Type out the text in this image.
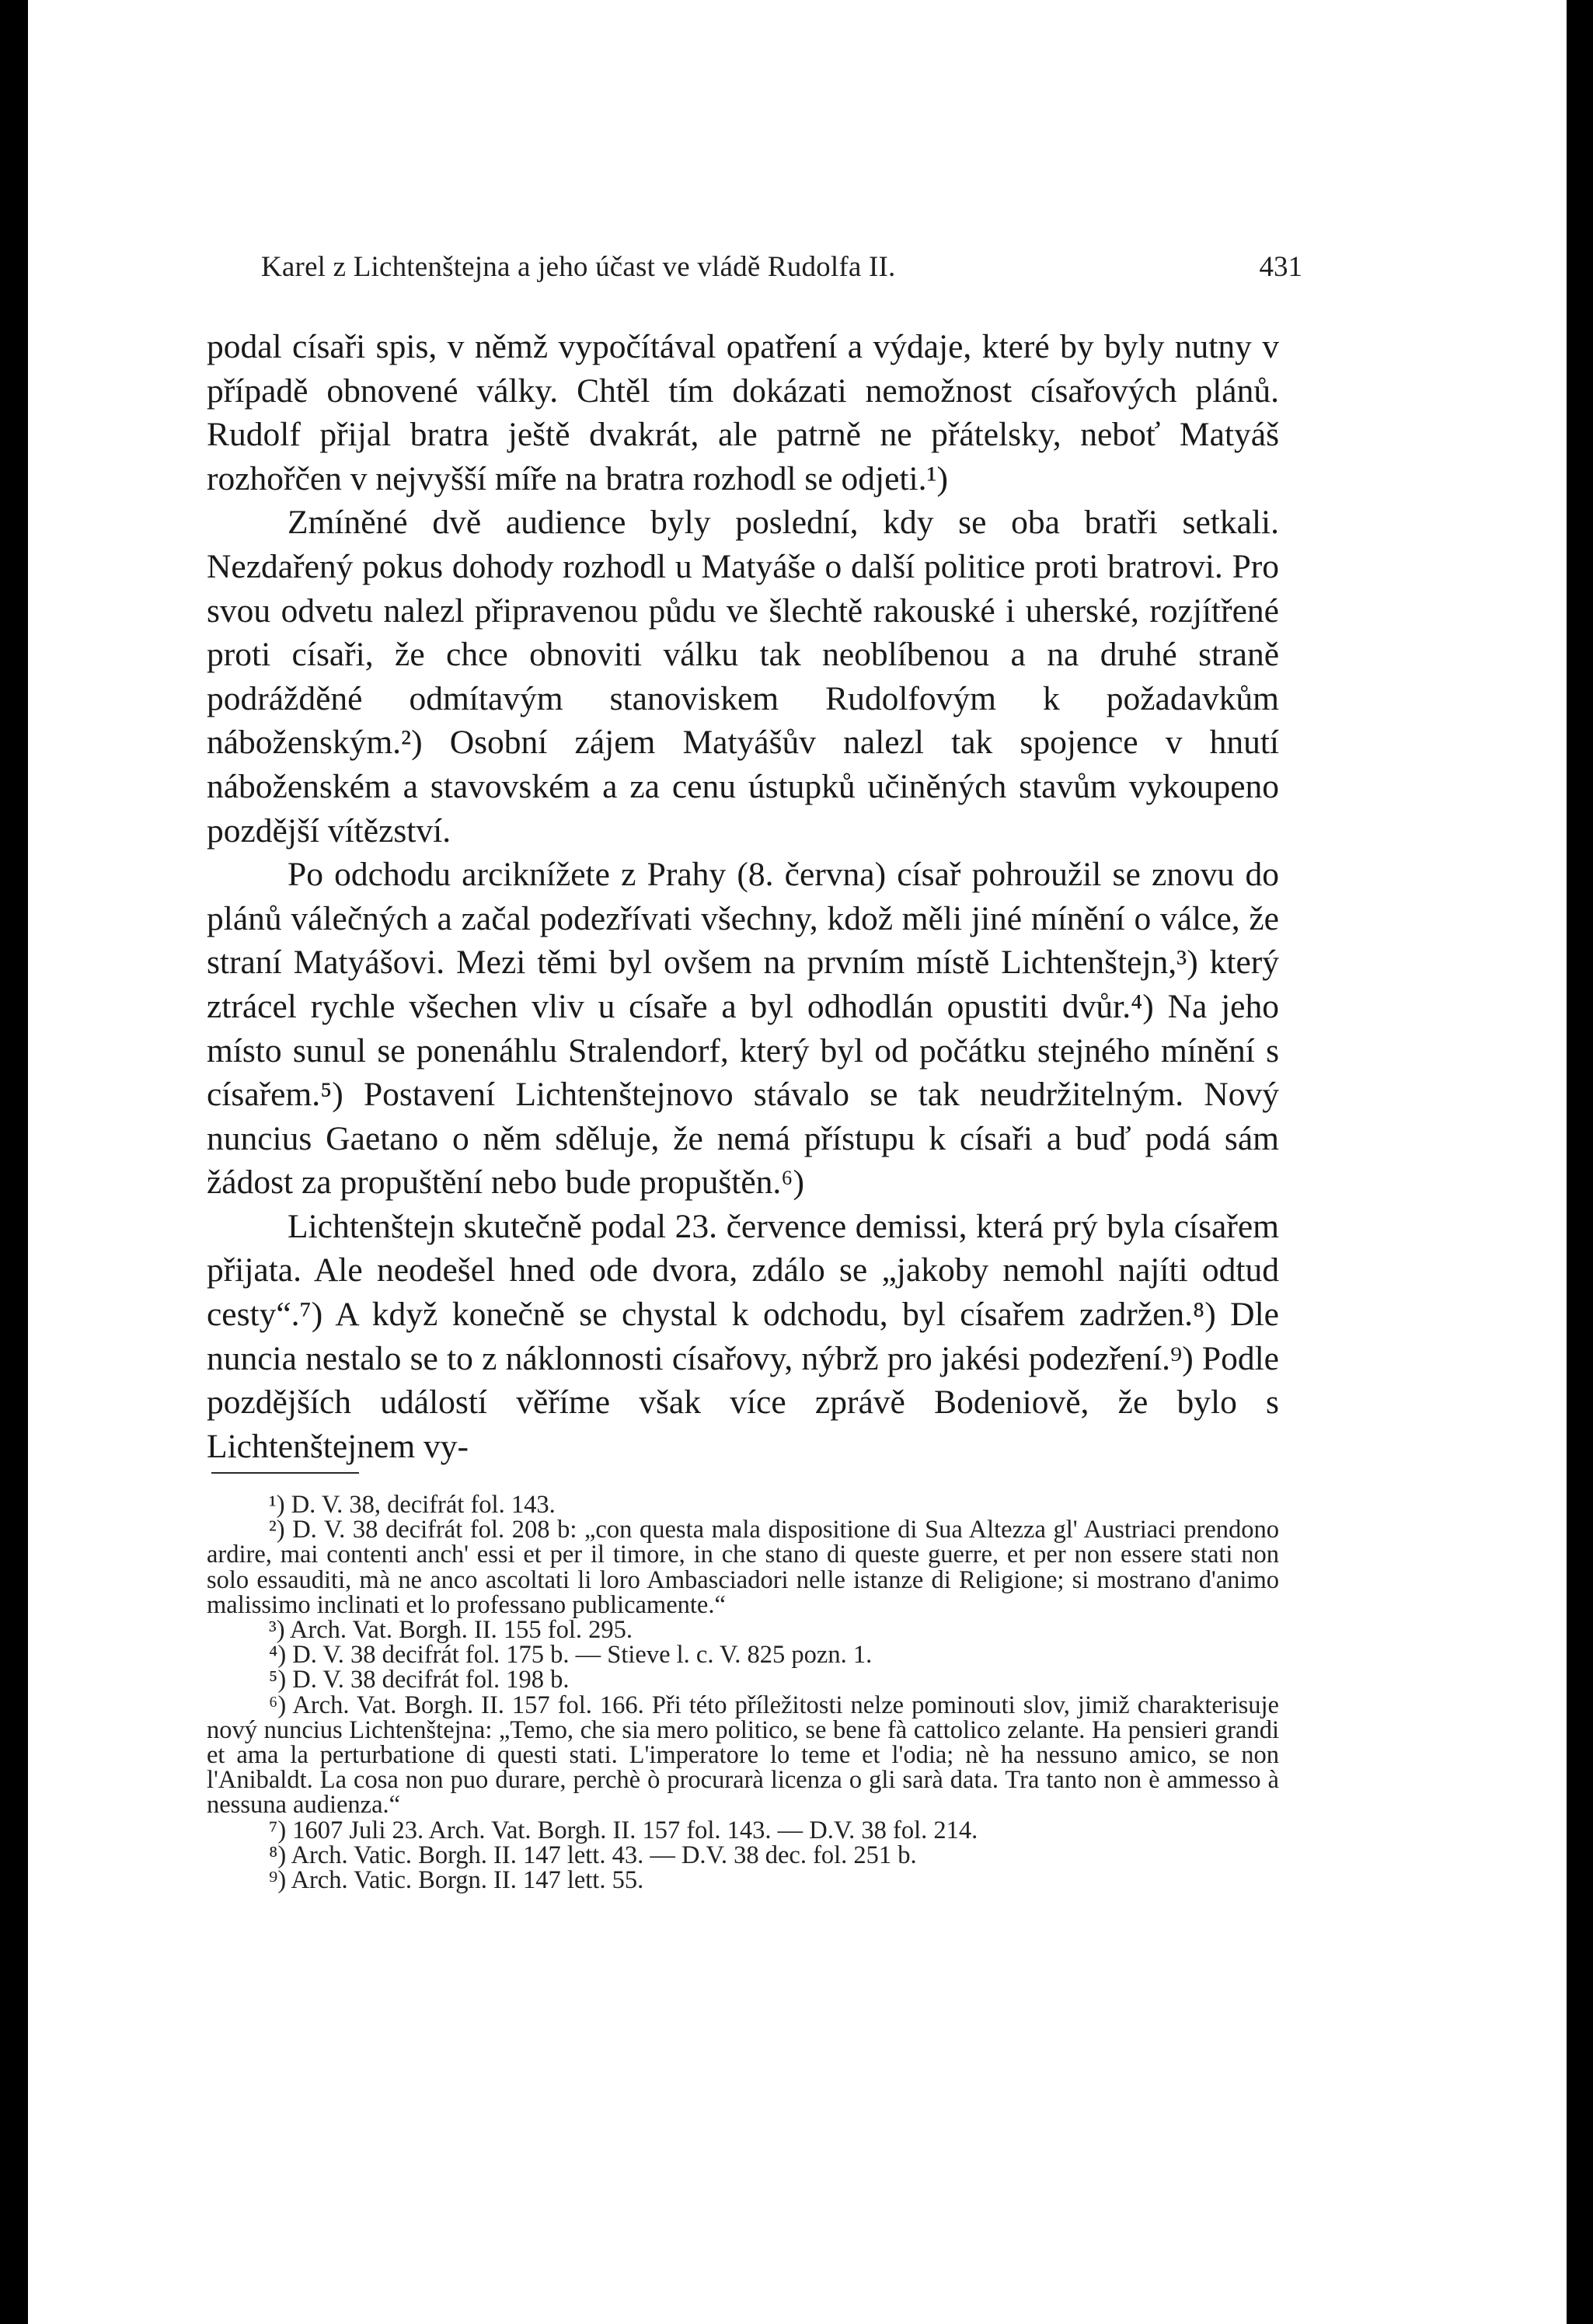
Karel z Lichtenštejna a jeho účast ve vládě Rudolfa II.	431

podal císaři spis, v němž vypočítával opatření a výdaje, které by byly nutny v případě obnovené války. Chtěl tím dokázati nemožnost císařových plánů. Rudolf přijal bratra ještě dvakrát, ale patrně ne přátelsky, neboť Matyáš rozhořčen v nejvyšší míře na bratra rozhodl se odjeti.¹)

Zmíněné dvě audience byly poslední, kdy se oba bratři setkali. Nezdařený pokus dohody rozhodl u Matyáše o další politice proti bratrovi. Pro svou odvetu nalezl připravenou půdu ve šlechtě rakouské i uherské, rozjítřené proti císaři, že chce obnoviti válku tak neoblíbenou a na druhé straně podrážděné odmítavým stanoviskem Rudolfovým k požadavkům náboženským.²) Osobní zájem Matyášův nalezl tak spojence v hnutí náboženském a stavovském a za cenu ústupků učiněných stavům vykoupeno pozdější vítězství.

Po odchodu arciknížete z Prahy (8. června) císař pohroužil se znovu do plánů válečných a začal podezřívati všechny, kdož měli jiné mínění o válce, že straní Matyášovi. Mezi těmi byl ovšem na prvním místě Lichtenštejn,³) který ztrácel rychle všechen vliv u císaře a byl odhodlán opustiti dvůr.⁴) Na jeho místo sunul se ponenáhlu Stralendorf, který byl od počátku stejného mínění s císařem.⁵) Postavení Lichtenštejnovo stávalo se tak neudržitelným. Nový nuncius Gaetano o něm sděluje, že nemá přístupu k císaři a buď podá sám žádost za propuštění nebo bude propuštěn.⁶)

Lichtenštejn skutečně podal 23. července demissi, která prý byla císařem přijata. Ale neodešel hned ode dvora, zdálo se „jakoby nemohl najíti odtud cesty“.⁷) A když konečně se chystal k odchodu, byl císařem zadržen.⁸) Dle nuncia nestalo se to z náklonnosti císařovy, nýbrž pro jakési podezření.⁹) Podle pozdějších událostí věříme však více zprávě Bodeniově, že bylo s Lichtenštejnem vy-

¹) D. V. 38, decifrát fol. 143.

²) D. V. 38 decifrát fol. 208 b: „con questa mala dispositione di Sua Altezza gl' Austriaci prendono ardire, mai contenti anch' essi et per il timore, in che stano di queste guerre, et per non essere stati non solo essauditi, mà ne anco ascoltati li loro Ambasciadori nelle istanze di Religione; si mostrano d'animo malissimo inclinati et lo professano publicamente.“

³) Arch. Vat. Borgh. II. 155 fol. 295.

⁴) D. V. 38 decifrát fol. 175 b. — Stieve l. c. V. 825 pozn. 1.

⁵) D. V. 38 decifrát fol. 198 b.

⁶) Arch. Vat. Borgh. II. 157 fol. 166. Při této příležitosti nelze pominouti slov, jimiž charakterisuje nový nuncius Lichtenštejna: „Temo, che sia mero politico, se bene fà cattolico zelante. Ha pensieri grandi et ama la perturbatione di questi stati. L'imperatore lo teme et l'odia; nè ha nessuno amico, se non l'Anibaldt. La cosa non puo durare, perchè ò procurarà licenza o gli sarà data. Tra tanto non è ammesso à nessuna audienza.“

⁷) 1607 Juli 23. Arch. Vat. Borgh. II. 157 fol. 143. — D.V. 38 fol. 214.

⁸) Arch. Vatic. Borgh. II. 147 lett. 43. — D.V. 38 dec. fol. 251 b.

⁹) Arch. Vatic. Borgn. II. 147 lett. 55.
